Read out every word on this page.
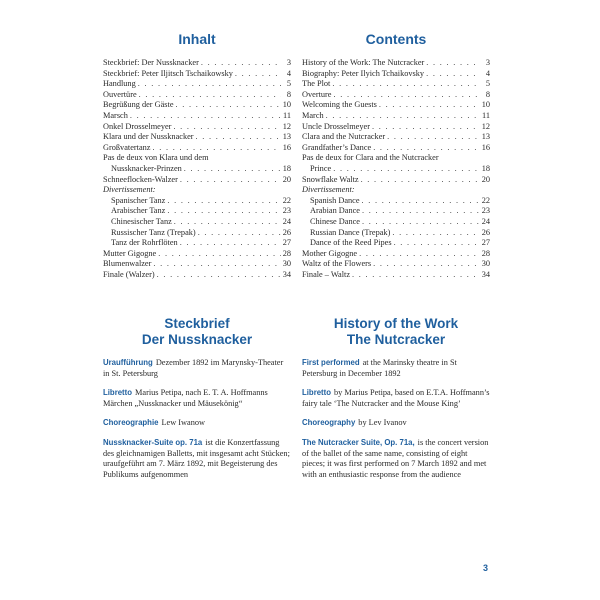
Inhalt
Steckbrief: Der Nussknacker . . .	3
Steckbrief: Peter Iljitsch Tschaikowsky . . .	4
Handlung . . .	5
Ouvertüre . . .	8
Begrüßung der Gäste . . .	10
Marsch . . .	11
Onkel Drosselmeyer . . .	12
Klara und der Nussknacker . . .	13
Großvatertanz . . .	16
Pas de deux von Klara und dem
Nussknacker-Prinzen . . .	18
Schneeflocken-Walzer . . .	20
Divertissement:
Spanischer Tanz . . .	22
Arabischer Tanz . . .	23
Chinesischer Tanz . . .	24
Russischer Tanz (Trepak) . . .	26
Tanz der Rohrflöten . . .	27
Mutter Gigogne . . .	28
Blumenwalzer . . .	30
Finale (Walzer) . . .	34
Steckbrief
Der Nussknacker

Uraufführung Dezember 1892 im Marynsky-Theater in St. Petersburg

Libretto Marius Petipa, nach E. T. A. Hoffmanns Märchen „Nussknacker und Mäusekönig“

Choreographie Lew Iwanow

Nussknacker-Suite op. 71a ist die Konzertfassung des gleichnamigen Balletts, mit insgesamt acht Stücken; uraufgeführt am 7. März 1892, mit Begeisterung des Publikums aufgenommen

Contents
History of the Work: The Nutcracker . . .	3
Biography: Peter Ilyich Tchaikovsky . . .	4
The Plot . . .	5
Overture . . .	8
Welcoming the Guests . . .	10
March . . .	11
Uncle Drosselmeyer . . .	12
Clara and the Nutcracker . . .	13
Grandfather’s Dance . . .	16
Pas de deux for Clara and the Nutcracker
Prince . . .	18
Snowflake Waltz . . .	20
Divertissement:
Spanish Dance . . .	22
Arabian Dance . . .	23
Chinese Dance . . .	24
Russian Dance (Trepak) . . .	26
Dance of the Reed Pipes . . .	27
Mother Gigogne . . .	28
Waltz of the Flowers . . .	30
Finale – Waltz . . .	34
History of the Work
The Nutcracker

First performed at the Marinsky theatre in St Petersburg in December 1892

Libretto by Marius Petipa, based on E.T.A. Hoffmann’s fairy tale ‘The Nutcracker and the Mouse King’

Choreography by Lev Ivanov

The Nutcracker Suite, Op. 71a, is the concert version of the ballet of the same name, consisting of eight pieces; it was first performed on 7 March 1892 and met with an enthusiastic response from the audience

3
